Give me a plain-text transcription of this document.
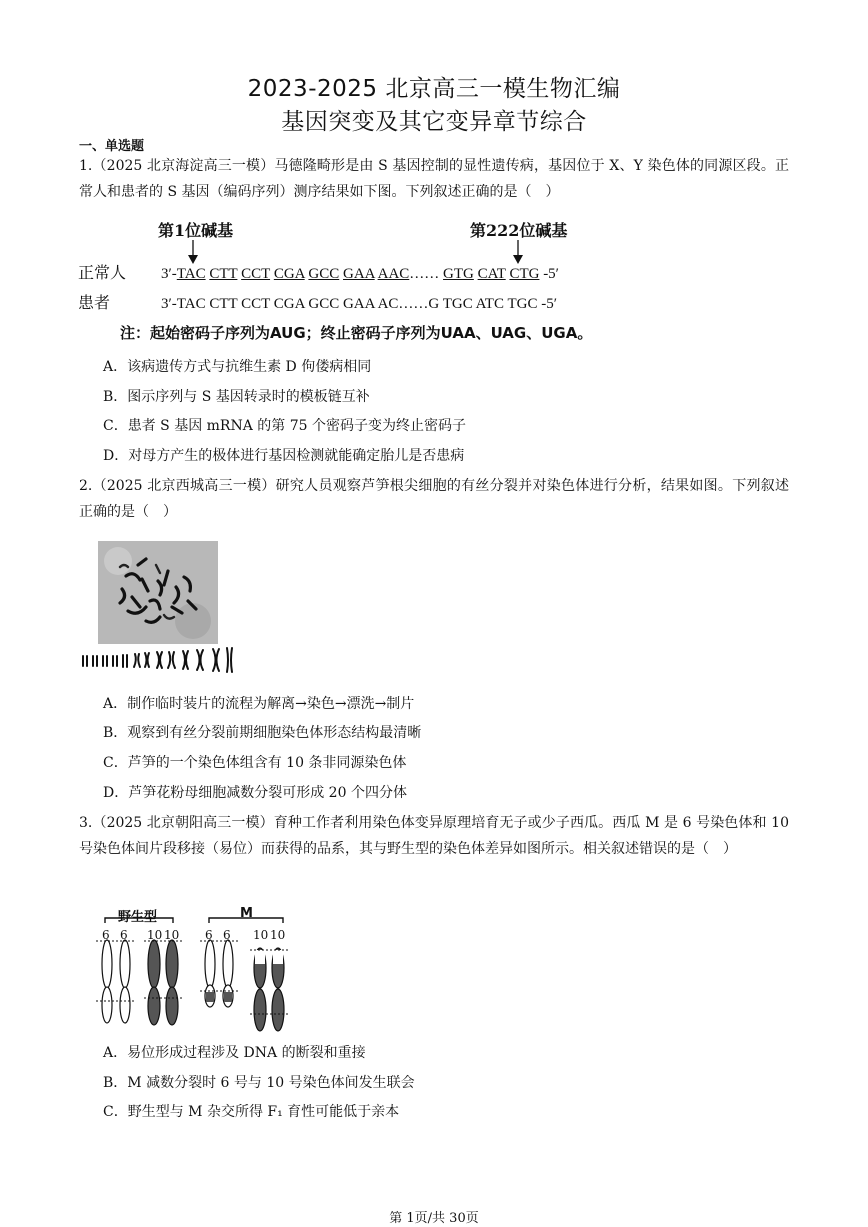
2023-2025 北京高三一模生物汇编
基因突变及其它变异章节综合
一、单选题
1.（2025 北京海淀高三一模）马德隆畸形是由 S 基因控制的显性遗传病，基因位于 X、Y 染色体的同源区段。正常人和患者的 S 基因（编码序列）测序结果如下图。下列叙述正确的是（　）
第1位碱基	第222位碱基
正常人 3′-TAC CTT CCT CGA GCC GAA AAC…… GTG CAT CTG -5′
患者	3′-TAC CTT CCT CGA GCC GAA AC……G TGC ATC TGC -5′
注：起始密码子序列为AUG；终止密码子序列为UAA、UAG、UGA。
A．该病遗传方式与抗维生素 D 佝偻病相同
B．图示序列与 S 基因转录时的模板链互补
C．患者 S 基因 mRNA 的第 75 个密码子变为终止密码子
D．对母方产生的极体进行基因检测就能确定胎儿是否患病
2.（2025 北京西城高三一模）研究人员观察芦笋根尖细胞的有丝分裂并对染色体进行分析，结果如图。下列叙述正确的是（　）
A．制作临时装片的流程为解离→染色→漂洗→制片
B．观察到有丝分裂前期细胞染色体形态结构最清晰
C．芦笋的一个染色体组含有 10 条非同源染色体
D．芦笋花粉母细胞减数分裂可形成 20 个四分体
3.（2025 北京朝阳高三一模）育种工作者利用染色体变异原理培育无子或少子西瓜。西瓜 M 是 6 号染色体和 10 号染色体间片段移接（易位）而获得的品系，其与野生型的染色体差异如图所示。相关叙述错误的是（　）
野生型	M
6 6 10 10 6 6 10 10
A．易位形成过程涉及 DNA 的断裂和重接
B．M 减数分裂时 6 号与 10 号染色体间发生联会
C．野生型与 M 杂交所得 F₁ 育性可能低于亲本
第 1页/共 30页
